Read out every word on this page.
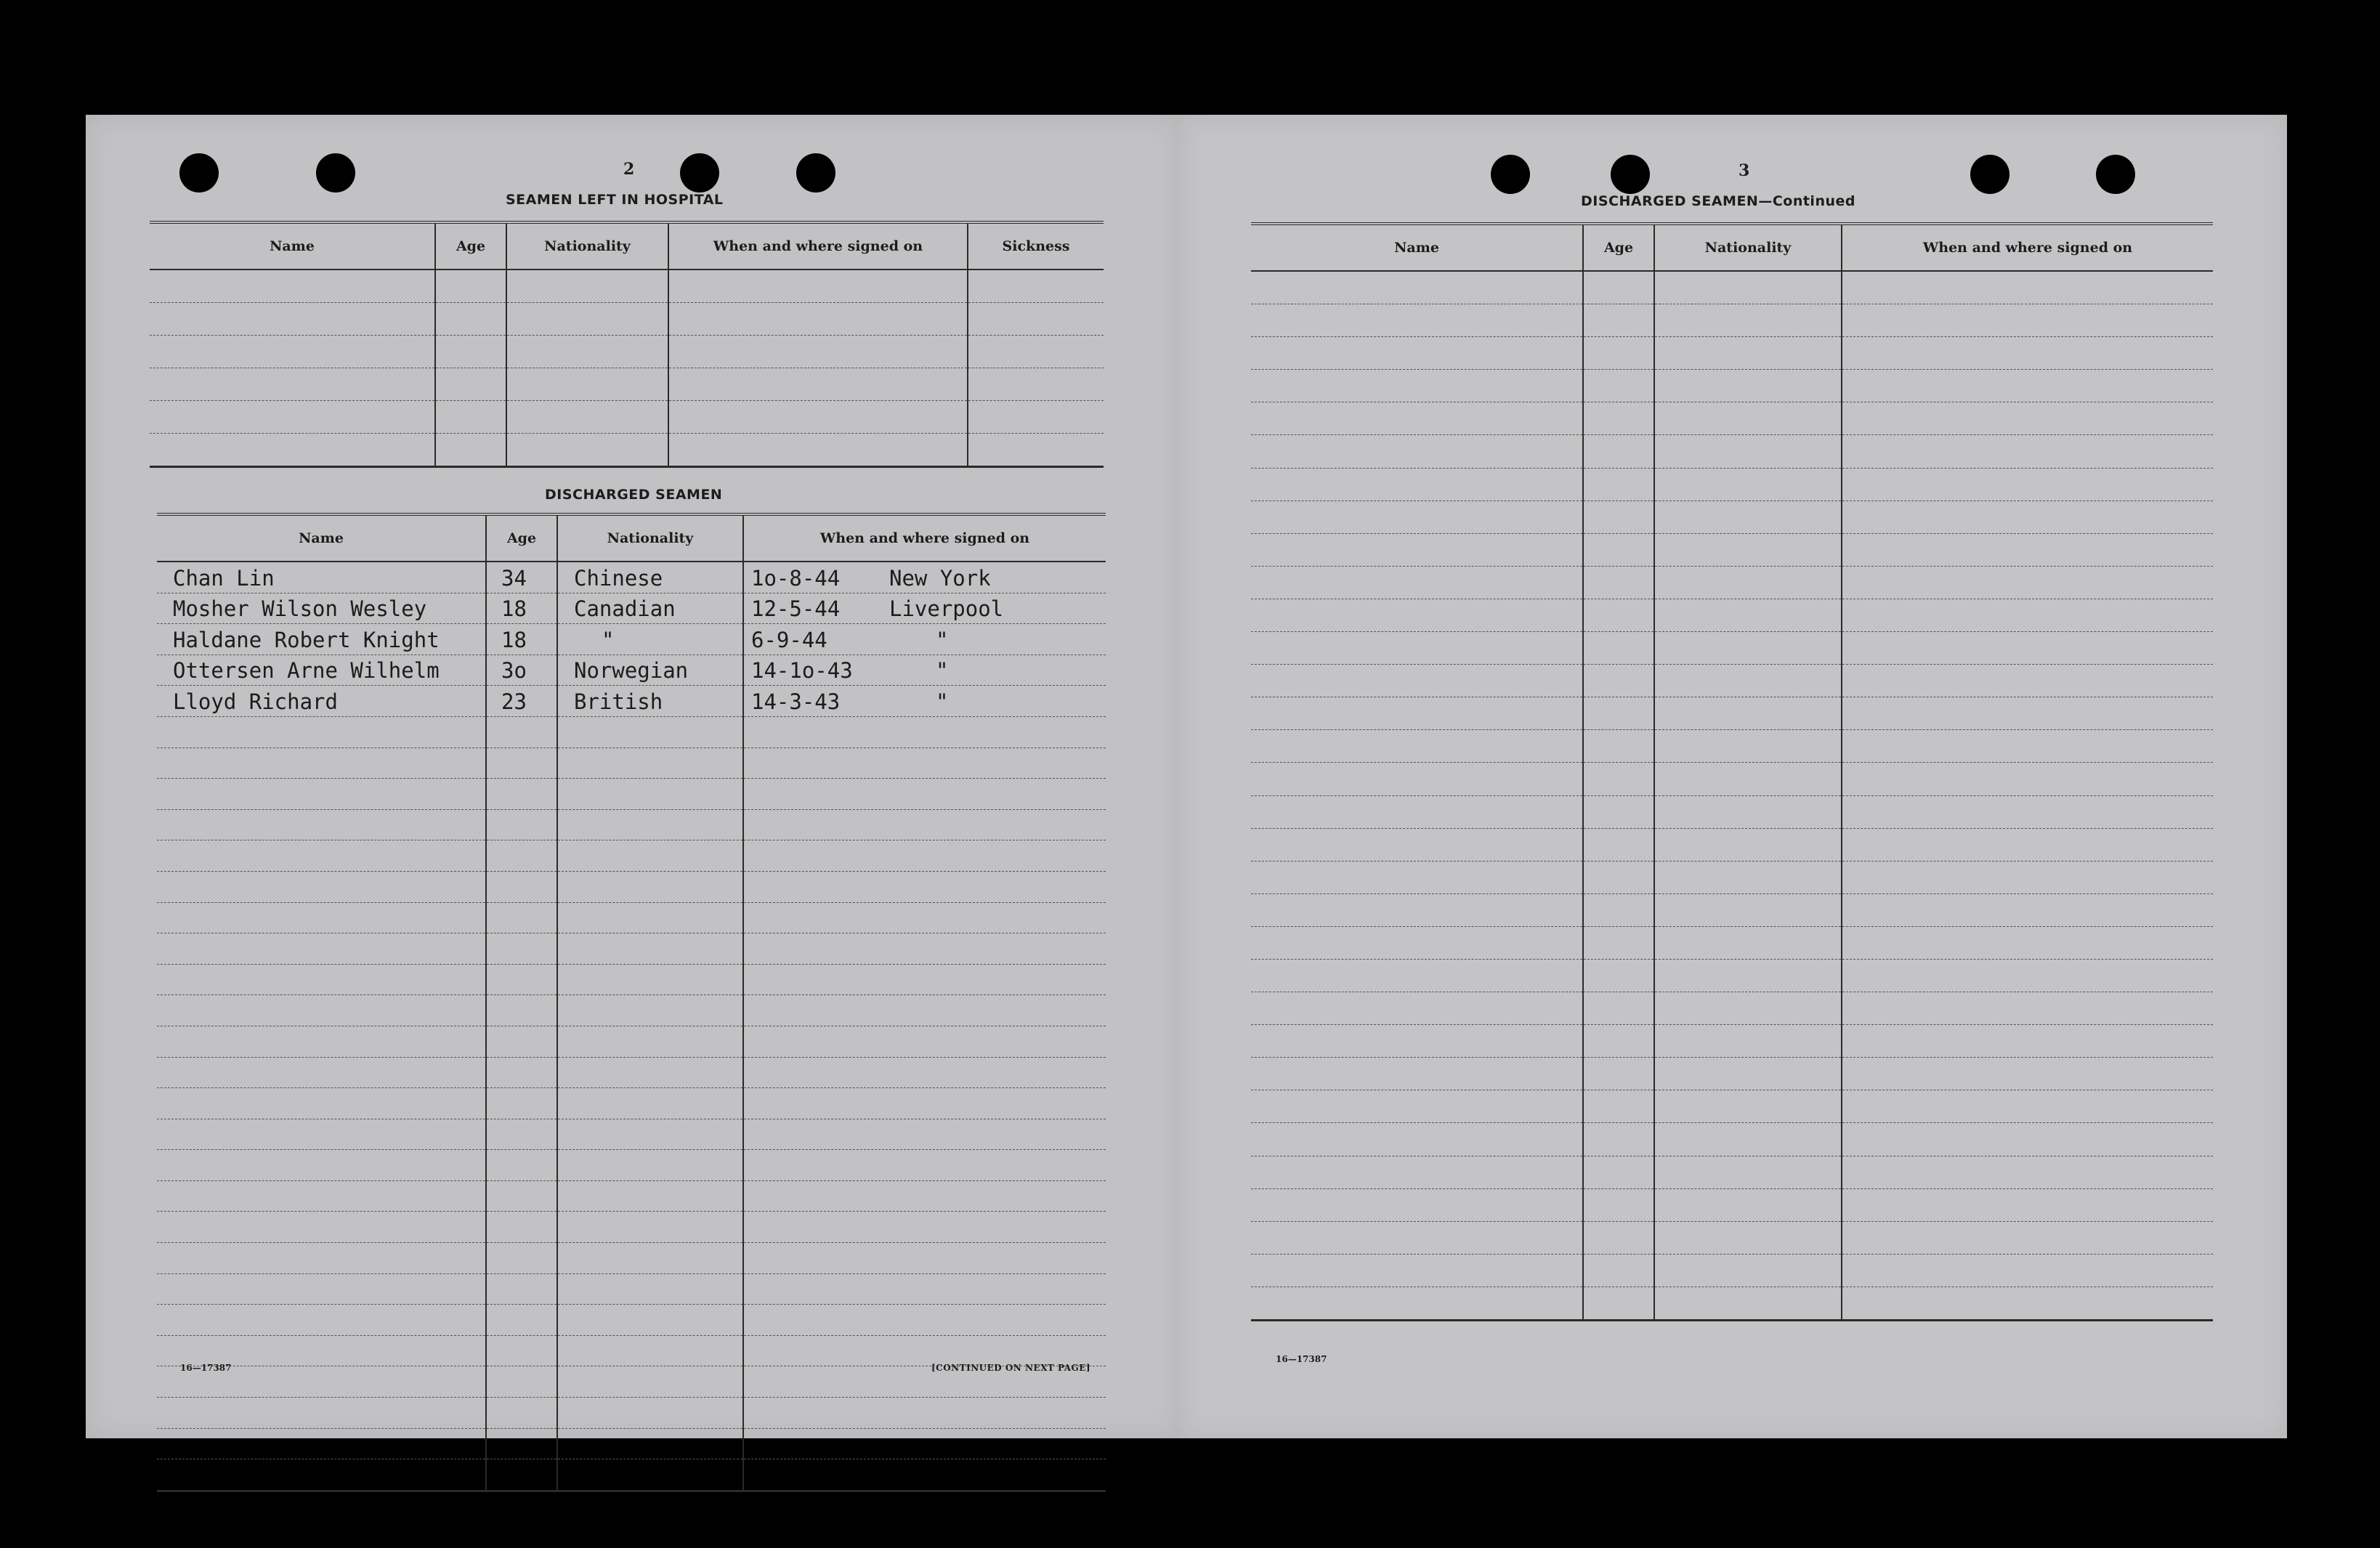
2
SEAMEN LEFT IN HOSPITAL
Name	Age	Nationality	When and where signed on	Sickness

DISCHARGED SEAMEN
Name	Age	Nationality	When and where signed on
Chan Lin	34	Chinese	1o-8-44 New York
Mosher Wilson Wesley	18	Canadian	12-5-44 Liverpool
Haldane Robert Knight	18	"	6-9-44 "
Ottersen Arne Wilhelm	3o	Norwegian	14-1o-43 "
Lloyd Richard	23	British	14-3-43 "

16—17387	[CONTINUED ON NEXT PAGE]
3
DISCHARGED SEAMEN—Continued
Name	Age	Nationality	When and where signed on

16—17387
